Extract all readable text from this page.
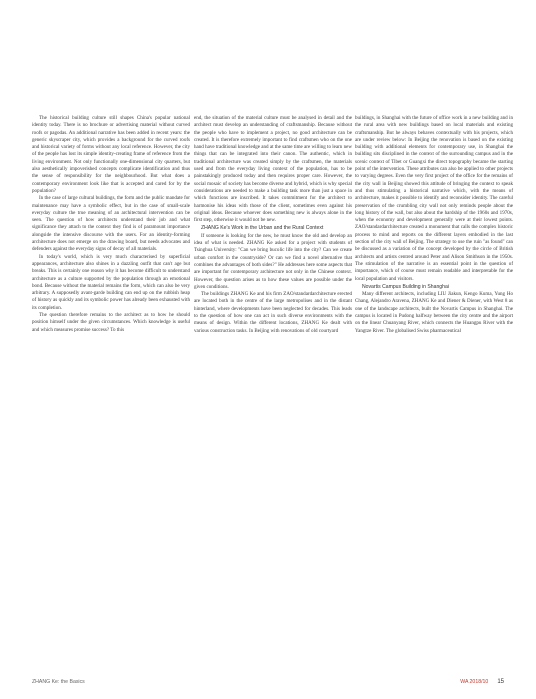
The historical building culture still shapes China's popular national identity today. There is no brochure or advertising material without curved roofs or pagodas. An additional narrative has been added in recent years: the generic skyscraper city, which provides a background for the curved roofs and historical variety of forms without any local reference. However, the city of the people has lost its simple identity-creating frame of reference from the living environment. Not only functionally one-dimensional city quarters, but also aesthetically impoverished concepts complicate identification and thus the sense of responsibility for the neighbourhood. But what does a contemporary environment look like that is accepted and cared for by the population?

In the case of large cultural buildings, the form and the public mandate for maintenance may have a symbolic effect, but in the case of small-scale everyday culture the true meaning of an architectural intervention can be seen. The question of how architects understand their job and what significance they attach to the context they find is of paramount importance alongside the intensive discourse with the users. For an identity-forming architecture does not emerge on the drawing board, but needs advocates and defenders against the everyday signs of decay of all materials.

In today's world, which is very much characterised by superficial appearances, architecture also shines in a dazzling outfit that can't age but breaks. This is certainly one reason why it has become difficult to understand architecture as a culture supported by the population through an emotional bond. Because without the material remains the form, which can also be very arbitrary. A supposedly avant-garde building can end up on the rubbish heap of history as quickly and its symbolic power has already been exhausted with its completion.

The question therefore remains to the architect as to how he should position himself under the given circumstances. Which knowledge is useful and which measures promise success? To this

end, the situation of the material culture must be analysed in detail and the architect must develop an understanding of craftsmanship. Because without the people who have to implement a project, no good architecture can be created. It is therefore extremely important to find craftsmen who on the one hand have traditional knowledge and at the same time are willing to learn new things that can be integrated into their canon. The authentic, which in traditional architecture was created simply by the craftsmen, the materials used and from the everyday living context of the population, has to be painstakingly produced today and then requires proper care. However, the social mosaic of society has become diverse and hybrid, which is why special considerations are needed to make a building task more than just a space in which functions are inscribed. It takes commitment for the architect to harmonise his ideas with those of the client, sometimes even against his original ideas. Because whoever does something new is always alone in the first step, otherwise it would not be new.

ZHANG Ke's Work in the Urban and the Rural Context

If someone is looking for the new, he must know the old and develop an idea of what is needed. ZHANG Ke asked for a project with students of Tsinghua University: "Can we bring bucolic life into the city? Can we create urban comfort in the countryside? Or can we find a novel alternative that combines the advantages of both sides?" He addresses here some aspects that are important for contemporary architecture not only in the Chinese context. However, the question arises as to how these values are possible under the given conditions.

The buildings ZHANG Ke and his firm ZAO/standardarchitecture erected are located both in the centre of the large metropolises and in the distant hinterland, where developments have been neglected for decades. This leads to the question of how one can act in such diverse environments with the means of design. Within the different locations, ZHANG Ke dealt with various construction tasks. In Beijing with renovations of old courtyard

buildings, in Shanghai with the future of office work in a new building and in the rural area with new buildings based on local materials and existing craftsmanship. But he always behaves contextually with his projects, which are under review below: In Beijing the renovation is based on the existing building with additional elements for contemporary use, in Shanghai the building sits disciplined in the context of the surrounding campus and in the scenic context of Tibet or Guangxi the direct topography became the starting point of the intervention. These attributes can also be applied to other projects to varying degrees. Even the very first project of the office for the remains of the city wall in Beijing showed this attitude of bringing the context to speak and thus stimulating a historical narrative which, with the means of architecture, makes it possible to identify and reconsider identity. The careful preservation of the crumbling city wall not only reminds people about the long history of the wall, but also about the hardship of the 1960s and 1970s, when the economy and development generally were at their lowest points. ZAO/standardarchitecture created a monument that calls the complex historic process to mind and reports on the different layers embodied in the last section of the city wall of Beijing. The strategy to use the ruin "as found" can be discussed as a variation of the concept developed by the circle of British architects and artists centred around Peter and Alison Smithson in the 1950s. The stimulation of the narrative is an essential point in the question of importance, which of course must remain readable and interpretable for the local population and visitors.

Novartis Campus Building in Shanghai

Many different architects, including LIU Jiakun, Kengo Kuma, Yung Ho Chang, Alejandro Aravena, ZHANG Ke and Diener & Diener, with West 8 as one of the landscape architects, built the Novartis Campus in Shanghai. The campus is located in Pudong halfway between the city centre and the airport on the linear Chuanyang River, which connects the Huangpu River with the Yangtze River. The globalised Swiss pharmaceutical

ZHANG Ke: the Basics	WA 2018/10 15
